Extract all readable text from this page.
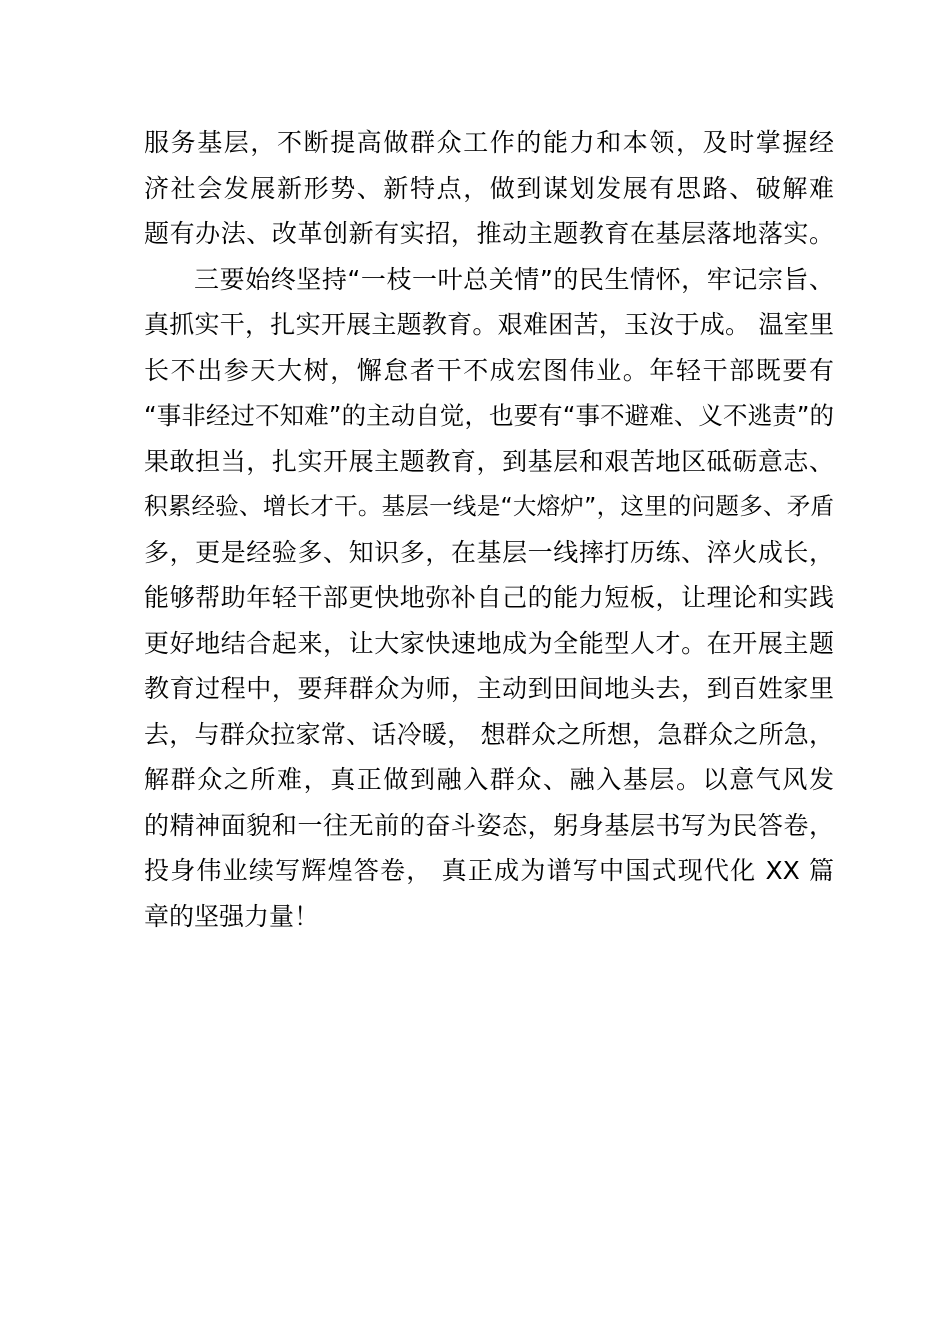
服务基层，不断提高做群众工作的能力和本领，及时掌握经
济社会发展新形势、新特点，做到谋划发展有思路、破解难
题有办法、改革创新有实招，推动主题教育在基层落地落实。
三要始终坚持“一枝一叶总关情”的民生情怀，牢记宗旨、
真抓实干，扎实开展主题教育。艰难困苦，玉汝于成。 温室里
长不出参天大树，懈怠者干不成宏图伟业。年轻干部既要有
“事非经过不知难”的主动自觉，也要有“事不避难、义不逃责”的
果敢担当，扎实开展主题教育，到基层和艰苦地区砥砺意志、
积累经验、增长才干。基层一线是“大熔炉”，这里的问题多、矛盾
多，更是经验多、知识多，在基层一线摔打历练、淬火成长，
能够帮助年轻干部更快地弥补自己的能力短板，让理论和实践
更好地结合起来，让大家快速地成为全能型人才。在开展主题
教育过程中，要拜群众为师，主动到田间地头去，到百姓家里
去，与群众拉家常、话冷暖， 想群众之所想，急群众之所急，
解群众之所难，真正做到融入群众、融入基层。以意气风发
的精神面貌和一往无前的奋斗姿态，躬身基层书写为民答卷，
投身伟业续写辉煌答卷， 真正成为谱写中国式现代化 XX 篇
章的坚强力量！
